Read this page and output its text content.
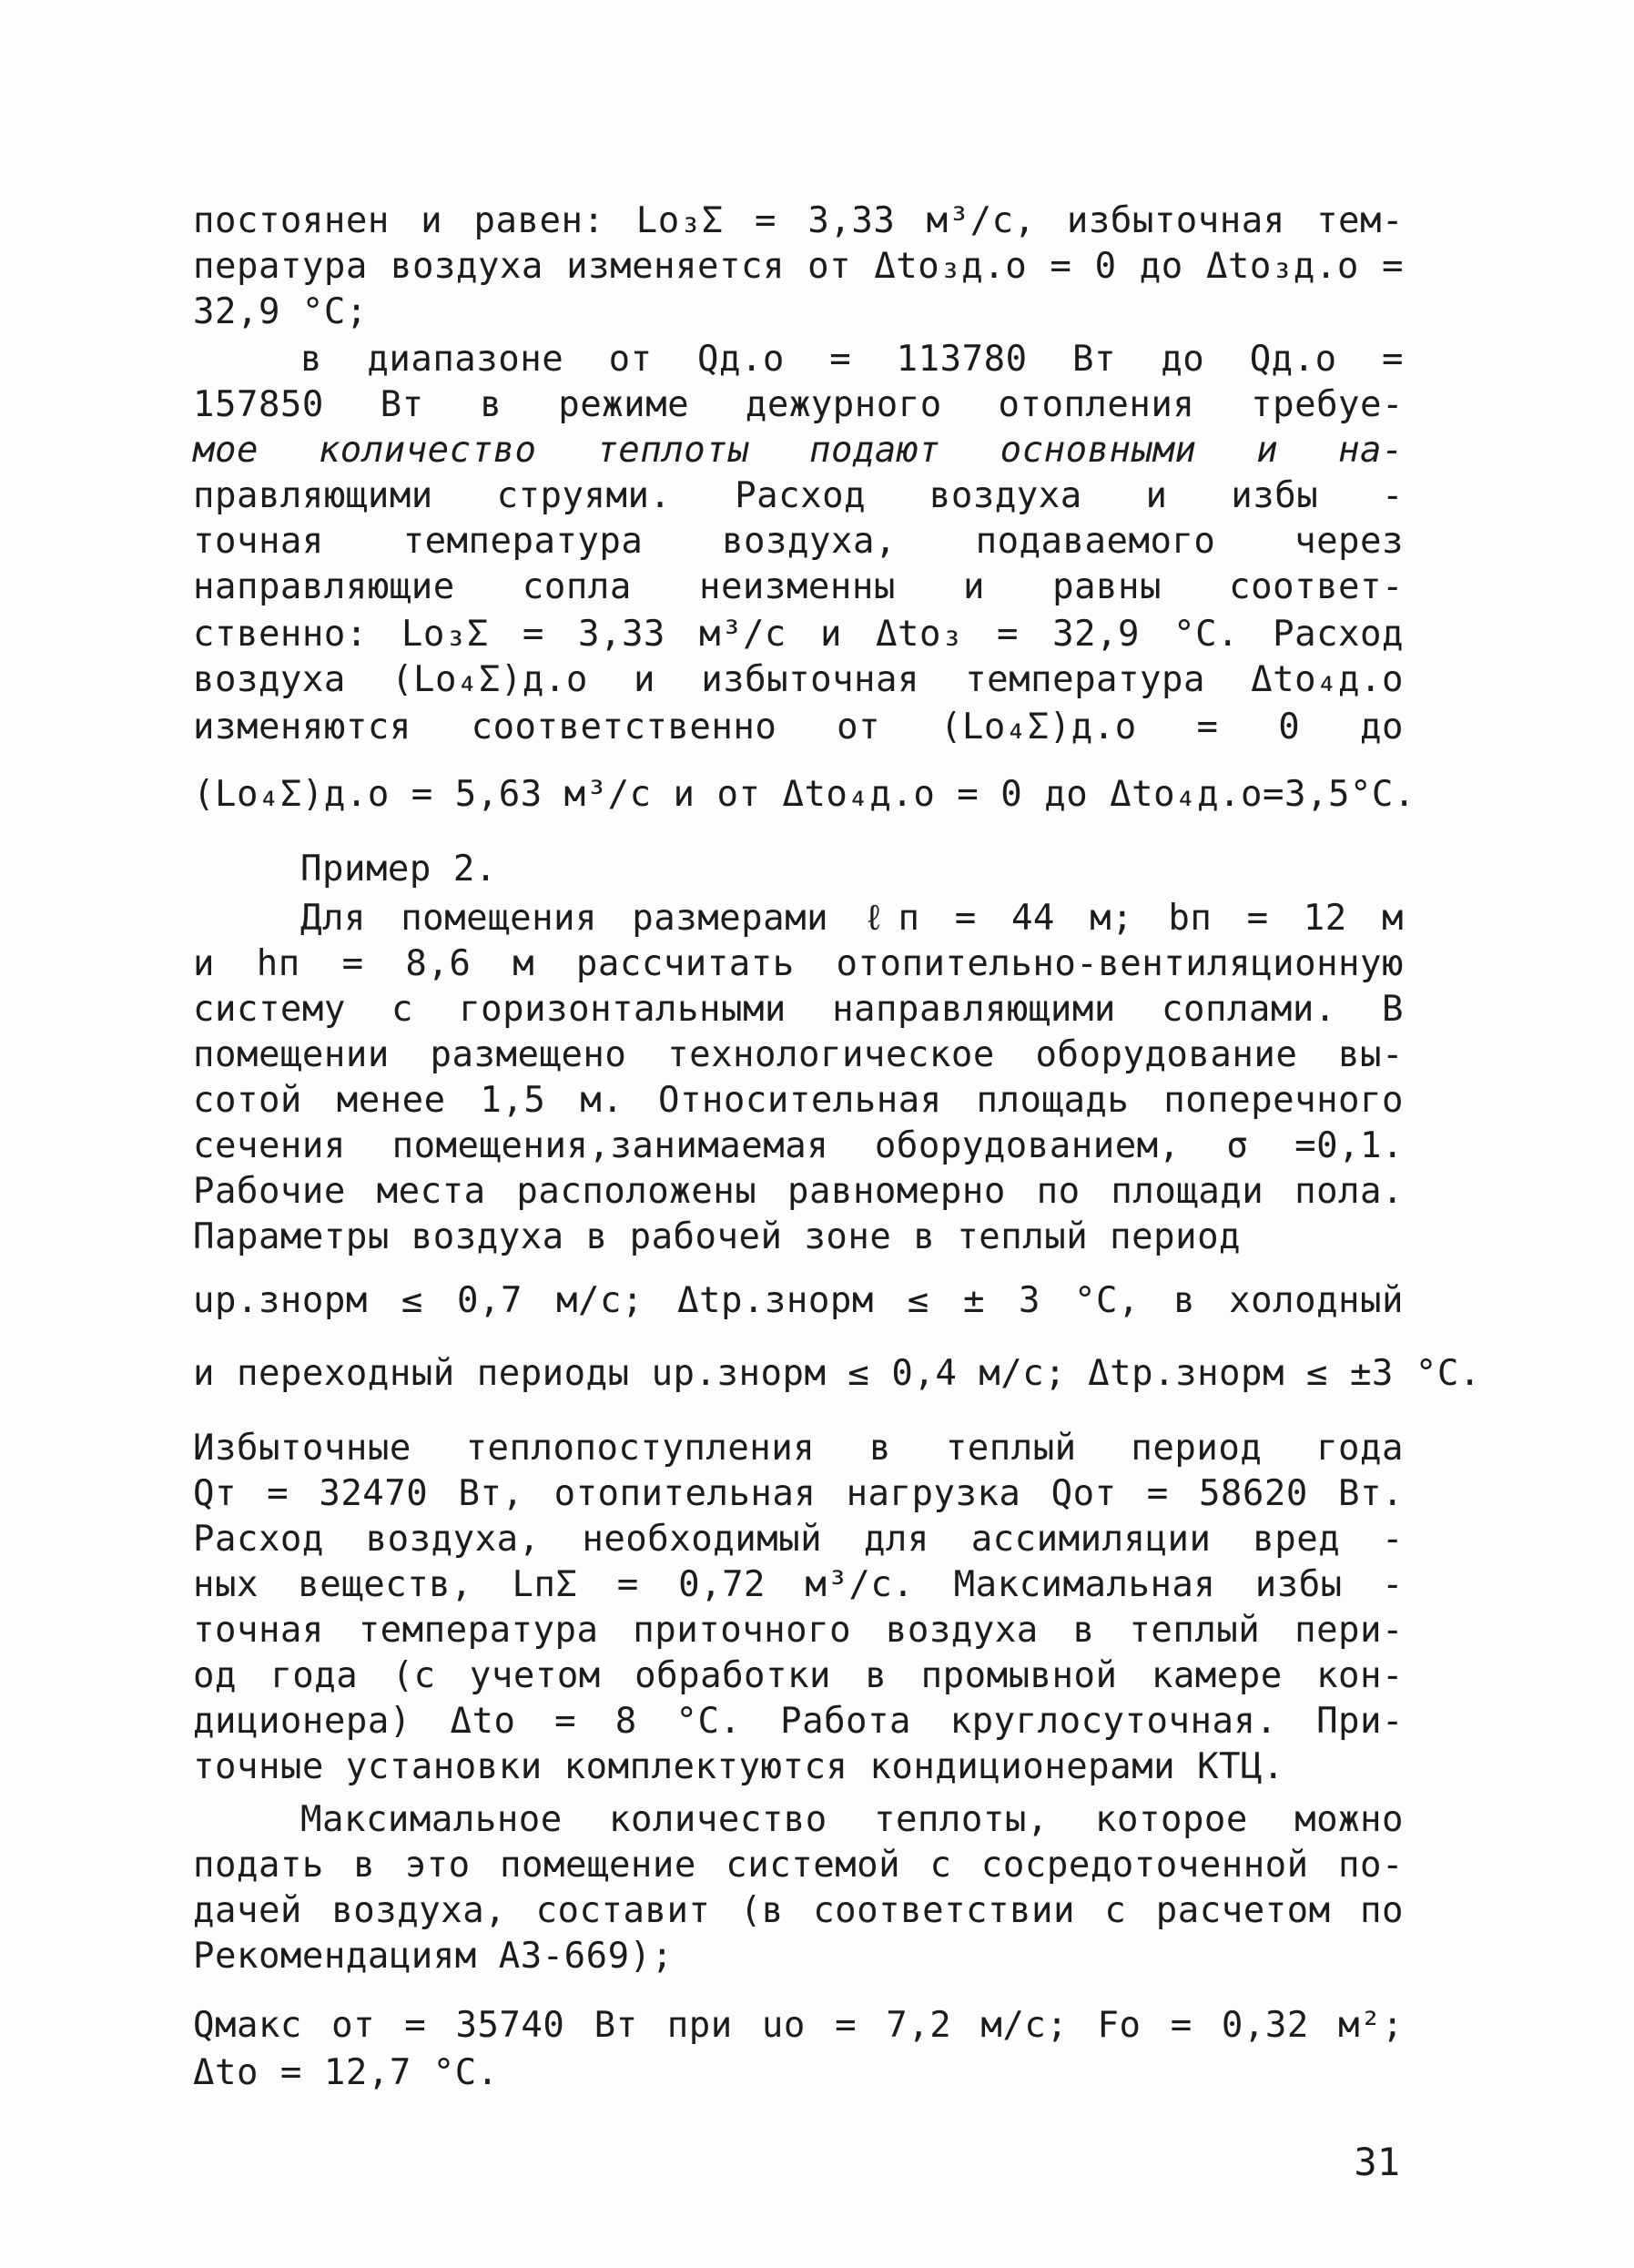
постоянен и равен: Lo₃Σ = 3,33 м³/с, избыточная тем-
пература воздуха изменяется от Δto₃д.о = 0 до Δto₃д.о =
32,9 °С;
в диапазоне от Qд.о = 113780 Вт до Qд.о =
157850 Вт в режиме дежурного отопления требуе-
мое количество теплоты подают основными и на-
правляющими струями. Расход воздуха и избы -
точная температура воздуха, подаваемого через
направляющие сопла неизменны и равны соответ-
ственно: Lo₃Σ = 3,33 м³/с и Δto₃ = 32,9 °С. Расход
воздуха (Lo₄Σ)д.о и избыточная температура Δto₄д.о
изменяются соответственно от (Lo₄Σ)д.о = 0 до
(Lo₄Σ)д.о = 5,63 м³/с и от Δto₄д.о = 0 до Δto₄д.о=3,5°С.
Пример 2.
Для помещения размерами ℓп = 44 м; bп = 12 м
и hп = 8,6 м рассчитать отопительно-вентиляционную
систему с горизонтальными направляющими соплами. В
помещении размещено технологическое оборудование вы-
сотой менее 1,5 м. Относительная площадь поперечного
сечения помещения,занимаемая оборудованием, σ =0,1.
Рабочие места расположены равномерно по площади пола.
Параметры воздуха в рабочей зоне в теплый период
uр.знорм ≤ 0,7 м/с; Δtр.знорм ≤ ± 3 °С, в холодный
и переходный периоды uр.знорм ≤ 0,4 м/с; Δtр.знорм ≤ ±3 °С.
Избыточные теплопоступления в теплый период года
Qт = 32470 Вт, отопительная нагрузка Qот = 58620 Вт.
Расход воздуха, необходимый для ассимиляции вред -
ных веществ, LпΣ = 0,72 м³/с. Максимальная избы -
точная температура приточного воздуха в теплый пери-
од года (с учетом обработки в промывной камере кон-
диционера) Δto = 8 °С. Работа круглосуточная. При-
точные установки комплектуются кондиционерами КТЦ.
Максимальное количество теплоты, которое можно
подать в это помещение системой с сосредоточенной по-
дачей воздуха, составит (в соответствии с расчетом по
Рекомендациям А3-669);
Qмакс от = 35740 Вт при uo = 7,2 м/с; Fo = 0,32 м²;
Δto = 12,7 °С.
31
